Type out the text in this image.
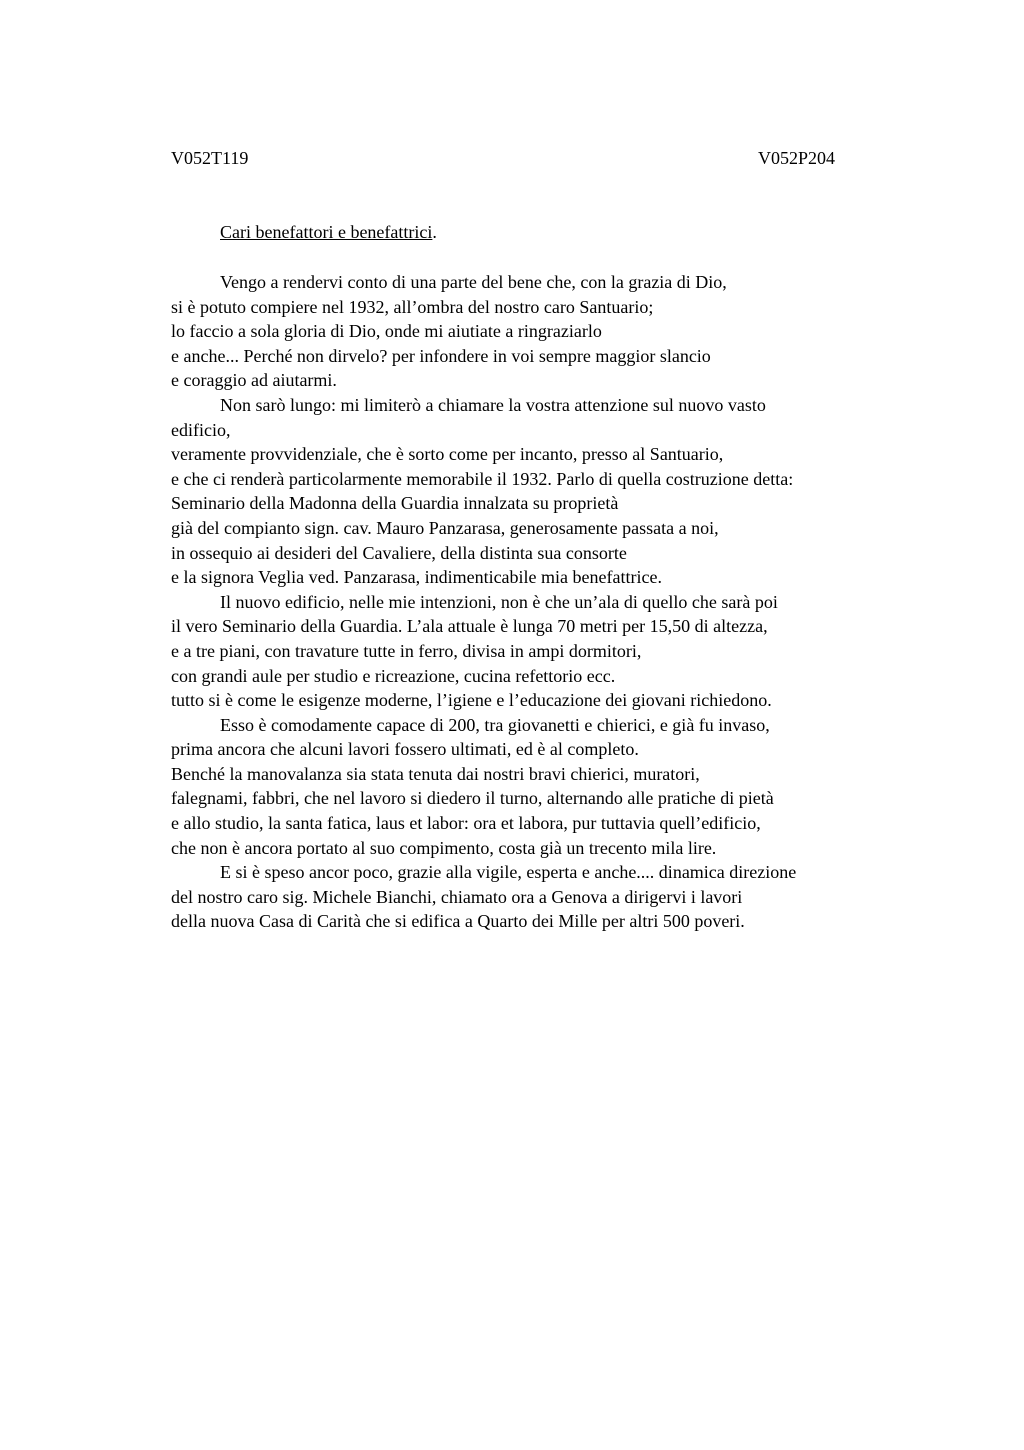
V052T119	V052P204
Cari benefattori e benefattrici.
Vengo a rendervi conto di una parte del bene che, con la grazia di Dio,
si è potuto compiere nel 1932, all’ombra del nostro caro Santuario;
lo faccio a sola gloria di Dio, onde mi aiutiate a ringraziarlo
e anche... Perché non dirvelo? per infondere in voi sempre maggior slancio
e coraggio ad aiutarmi.
Non sarò lungo: mi limiterò a chiamare la vostra attenzione sul nuovo vasto
edificio,
veramente provvidenziale, che è sorto come per incanto, presso al Santuario,
e che ci renderà particolarmente memorabile il 1932. Parlo di quella costruzione detta:
Seminario della Madonna della Guardia innalzata su proprietà
già del compianto sign. cav. Mauro Panzarasa, generosamente passata a noi,
in ossequio ai desideri del Cavaliere, della distinta sua consorte
e la signora Veglia ved. Panzarasa, indimenticabile mia benefattrice.
Il nuovo edificio, nelle mie intenzioni, non è che un’ala di quello che sarà poi
il vero Seminario della Guardia. L’ala attuale è lunga 70 metri per 15,50 di altezza,
e a tre piani, con travature tutte in ferro, divisa in ampi dormitori,
con grandi aule per studio e ricreazione, cucina refettorio ecc.
tutto si è come le esigenze moderne, l’igiene e l’educazione dei giovani richiedono.
Esso è comodamente capace di 200, tra giovanetti e chierici, e già fu invaso,
prima ancora che alcuni lavori fossero ultimati, ed è al completo.
Benché la manovalanza sia stata tenuta dai nostri bravi chierici, muratori,
falegnami, fabbri, che nel lavoro si diedero il turno, alternando alle pratiche di pietà
e allo studio, la santa fatica, laus et labor: ora et labora, pur tuttavia quell’edificio,
che non è ancora portato al suo compimento, costa già un trecento mila lire.
E si è speso ancor poco, grazie alla vigile, esperta e anche.... dinamica direzione
del nostro caro sig. Michele Bianchi, chiamato ora a Genova a dirigervi i lavori
della nuova Casa di Carità che si edifica a Quarto dei Mille per altri 500 poveri.
